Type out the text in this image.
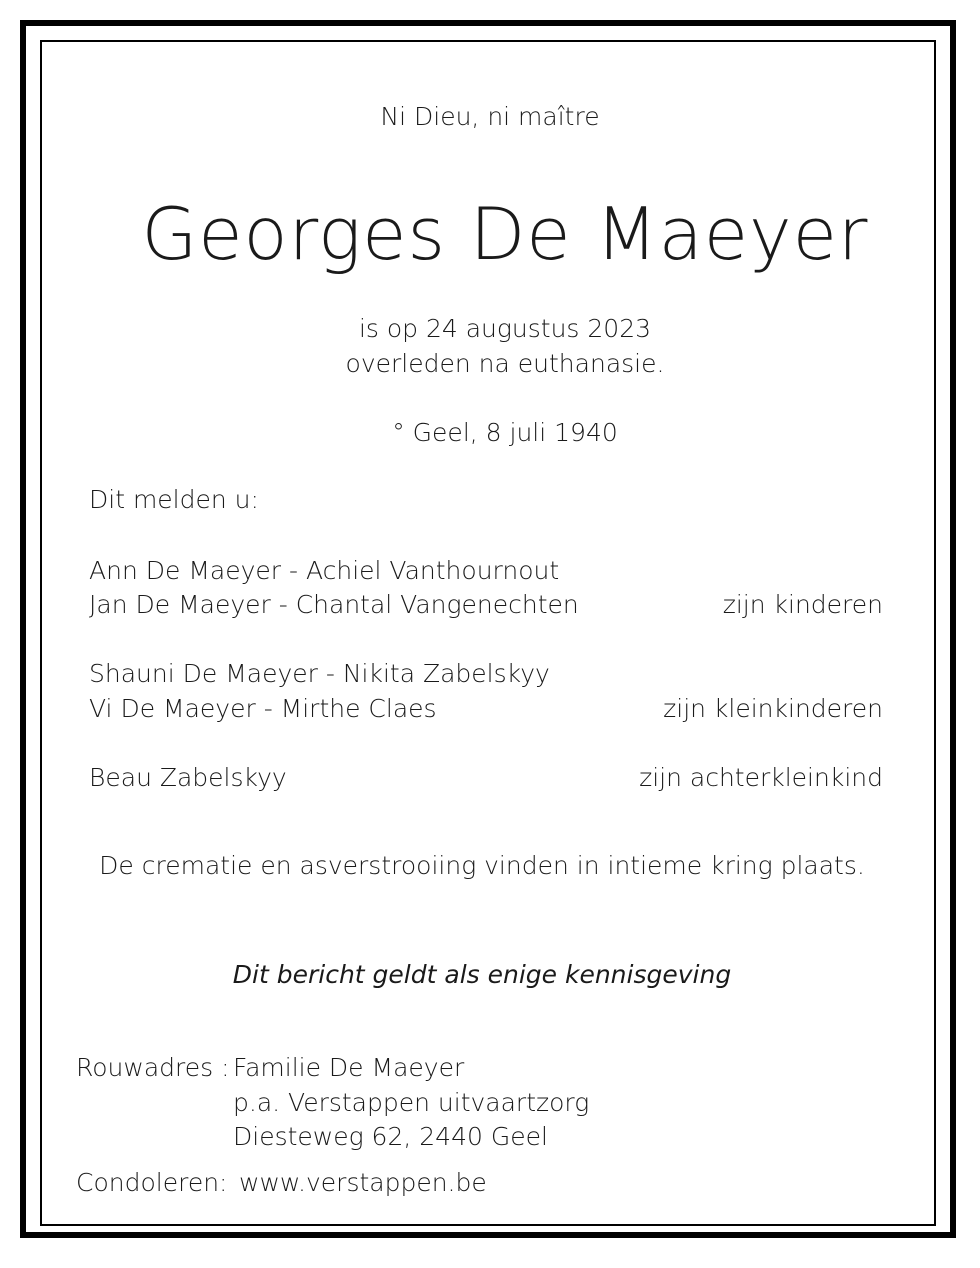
Ni Dieu, ni maître
Georges De Maeyer
is op 24 augustus 2023
overleden na euthanasie.
° Geel, 8 juli 1940
Dit melden u:
Ann De Maeyer - Achiel Vanthournout
Jan De Maeyer - Chantal Vangenechten	zijn kinderen
Shauni De Maeyer - Nikita Zabelskyy
Vi De Maeyer - Mirthe Claes	zijn kleinkinderen
Beau Zabelskyy	zijn achterkleinkind
De crematie en asverstrooiing vinden in intieme kring plaats.
Dit bericht geldt als enige kennisgeving
Rouwadres : Familie De Maeyer
p.a. Verstappen uitvaartzorg
Diesteweg 62, 2440 Geel
Condoleren: www.verstappen.be
